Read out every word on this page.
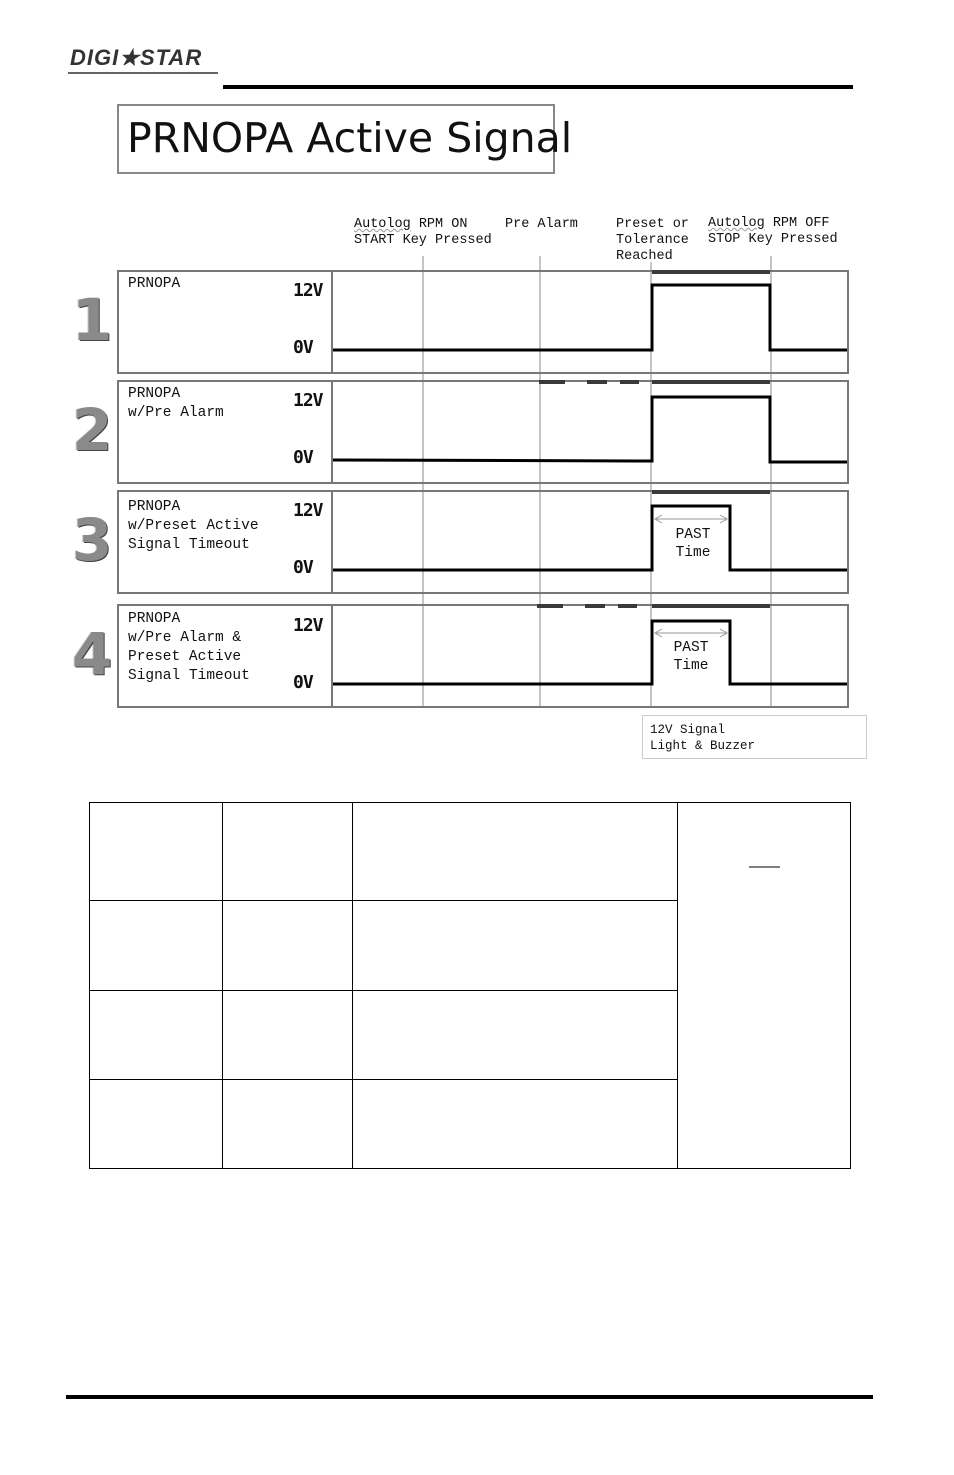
DIGI★STAR
PRNOPA Active Signal
Autolog RPM ON
START Key Pressed
Pre Alarm	Preset or
Tolerance
Reached
Autolog RPM OFF
STOP Key Pressed
1
2
3
4
PRNOPA
PRNOPA
w/Pre Alarm
PRNOPA
w/Preset Active
Signal Timeout
PRNOPA
w/Pre Alarm &
Preset Active
Signal Timeout
12V
0V
12V
0V
12V
0V
12V
0V
PAST
Time
PAST
Time
12V Signal
Light & Buzzer
